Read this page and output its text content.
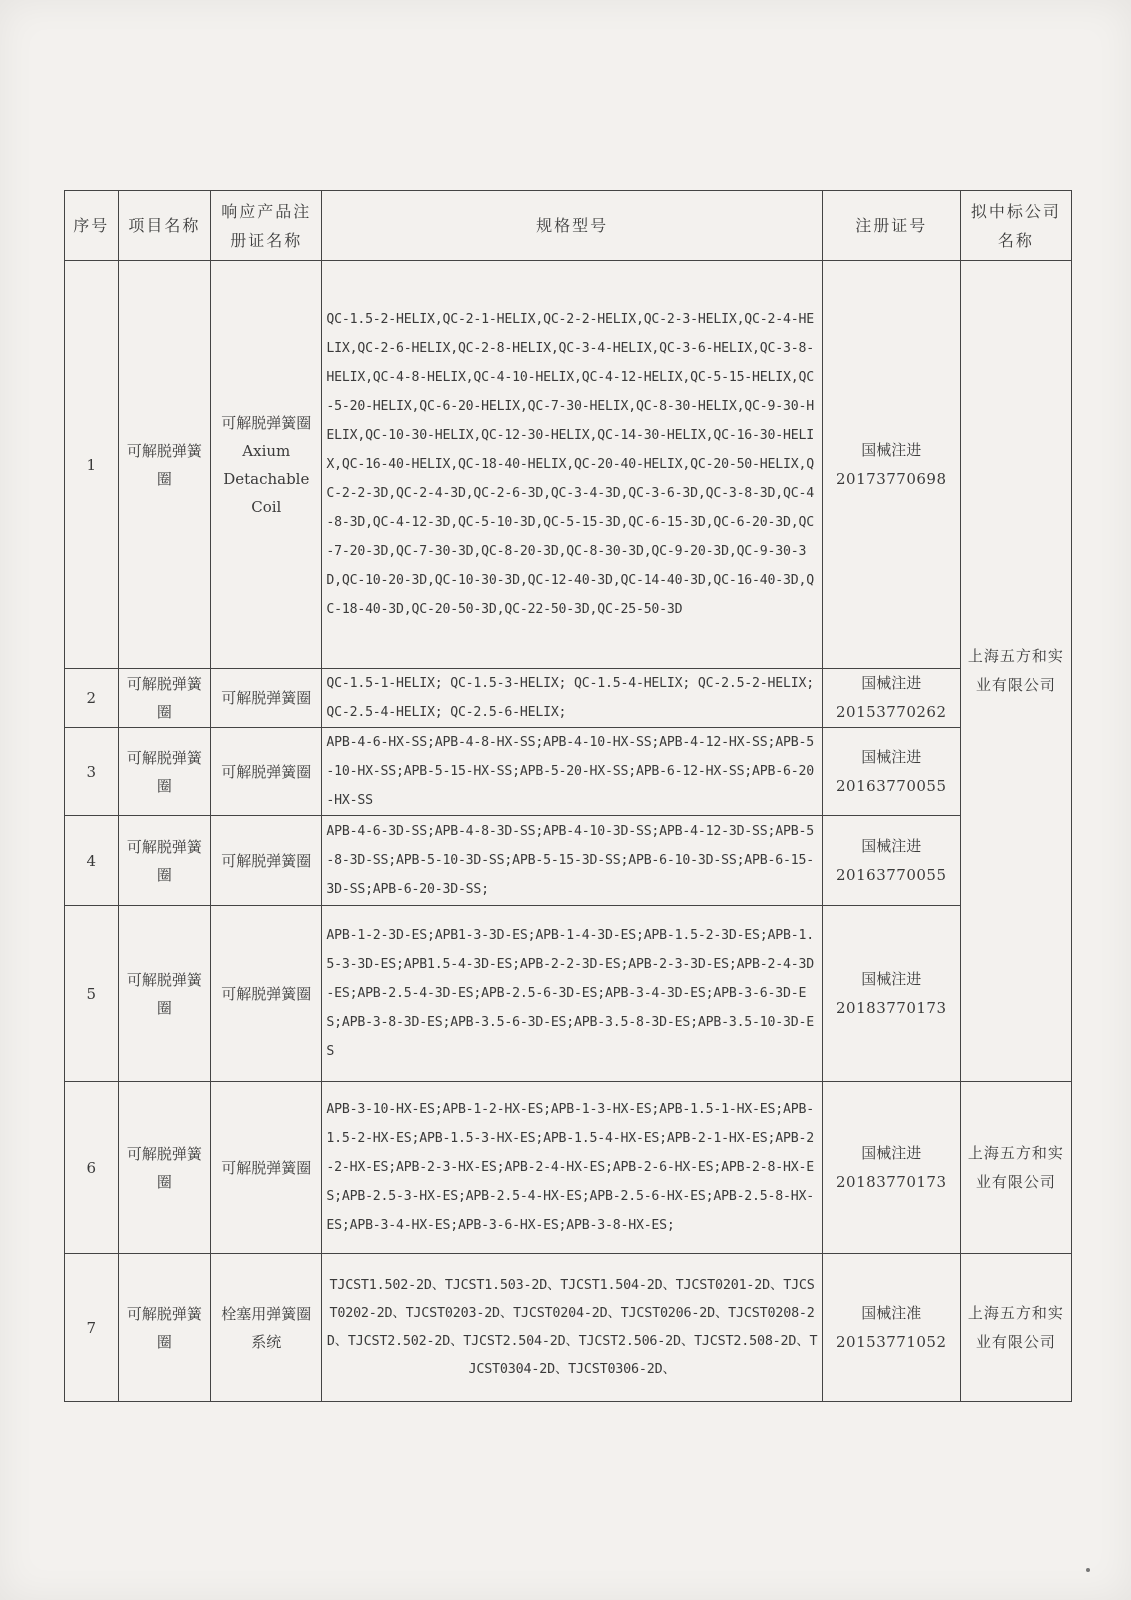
序号	项目名称	响应产品注册证名称	规格型号	注册证号	拟中标公司名称
1	可解脱弹簧圈	可解脱弹簧圈 Axium Detachable Coil	QC-1.5-2-HELIX,QC-2-1-HELIX,QC-2-2-HELIX,QC-2-3-HELIX,QC-2-4-HELIX,QC-2-6-HELIX,QC-2-8-HELIX,QC-3-4-HELIX,QC-3-6-HELIX,QC-3-8-HELIX,QC-4-8-HELIX,QC-4-10-HELIX,QC-4-12-HELIX,QC-5-15-HELIX,QC-5-20-HELIX,QC-6-20-HELIX,QC-7-30-HELIX,QC-8-30-HELIX,QC-9-30-HELIX,QC-10-30-HELIX,QC-12-30-HELIX,QC-14-30-HELIX,QC-16-30-HELIX,QC-16-40-HELIX,QC-18-40-HELIX,QC-20-40-HELIX,QC-20-50-HELIX,QC-2-2-3D,QC-2-4-3D,QC-2-6-3D,QC-3-4-3D,QC-3-6-3D,QC-3-8-3D,QC-4-8-3D,QC-4-12-3D,QC-5-10-3D,QC-5-15-3D,QC-6-15-3D,QC-6-20-3D,QC-7-20-3D,QC-7-30-3D,QC-8-20-3D,QC-8-30-3D,QC-9-20-3D,QC-9-30-3D,QC-10-20-3D,QC-10-30-3D,QC-12-40-3D,QC-14-40-3D,QC-16-40-3D,QC-18-40-3D,QC-20-50-3D,QC-22-50-3D,QC-25-50-3D	国械注进
20173770698	上海五方和实业有限公司
2	可解脱弹簧圈	可解脱弹簧圈	QC-1.5-1-HELIX; QC-1.5-3-HELIX; QC-1.5-4-HELIX; QC-2.5-2-HELIX; QC-2.5-4-HELIX; QC-2.5-6-HELIX;	国械注进
20153770262	

3	可解脱弹簧圈	可解脱弹簧圈	APB-4-6-HX-SS;APB-4-8-HX-SS;APB-4-10-HX-SS;APB-4-12-HX-SS;APB-5-10-HX-SS;APB-5-15-HX-SS;APB-5-20-HX-SS;APB-6-12-HX-SS;APB-6-20-HX-SS	国械注进
20163770055	

4	可解脱弹簧圈	可解脱弹簧圈	APB-4-6-3D-SS;APB-4-8-3D-SS;APB-4-10-3D-SS;APB-4-12-3D-SS;APB-5-8-3D-SS;APB-5-10-3D-SS;APB-5-15-3D-SS;APB-6-10-3D-SS;APB-6-15-3D-SS;APB-6-20-3D-SS;	国械注进
20163770055	

5	可解脱弹簧圈	可解脱弹簧圈	APB-1-2-3D-ES;APB1-3-3D-ES;APB-1-4-3D-ES;APB-1.5-2-3D-ES;APB-1.5-3-3D-ES;APB1.5-4-3D-ES;APB-2-2-3D-ES;APB-2-3-3D-ES;APB-2-4-3D-ES;APB-2.5-4-3D-ES;APB-2.5-6-3D-ES;APB-3-4-3D-ES;APB-3-6-3D-ES;APB-3-8-3D-ES;APB-3.5-6-3D-ES;APB-3.5-8-3D-ES;APB-3.5-10-3D-ES	国械注进
20183770173	

6	可解脱弹簧圈	可解脱弹簧圈	APB-3-10-HX-ES;APB-1-2-HX-ES;APB-1-3-HX-ES;APB-1.5-1-HX-ES;APB-1.5-2-HX-ES;APB-1.5-3-HX-ES;APB-1.5-4-HX-ES;APB-2-1-HX-ES;APB-2-2-HX-ES;APB-2-3-HX-ES;APB-2-4-HX-ES;APB-2-6-HX-ES;APB-2-8-HX-ES;APB-2.5-3-HX-ES;APB-2.5-4-HX-ES;APB-2.5-6-HX-ES;APB-2.5-8-HX-ES;APB-3-4-HX-ES;APB-3-6-HX-ES;APB-3-8-HX-ES;	国械注进
20183770173	上海五方和实业有限公司
7	可解脱弹簧圈	栓塞用弹簧圈系统	TJCST1.502-2D、TJCST1.503-2D、TJCST1.504-2D、TJCST0201-2D、TJCST0202-2D、TJCST0203-2D、TJCST0204-2D、TJCST0206-2D、TJCST0208-2D、TJCST2.502-2D、TJCST2.504-2D、TJCST2.506-2D、TJCST2.508-2D、TJCST0304-2D、TJCST0306-2D、	国械注准
20153771052	上海五方和实业有限公司
